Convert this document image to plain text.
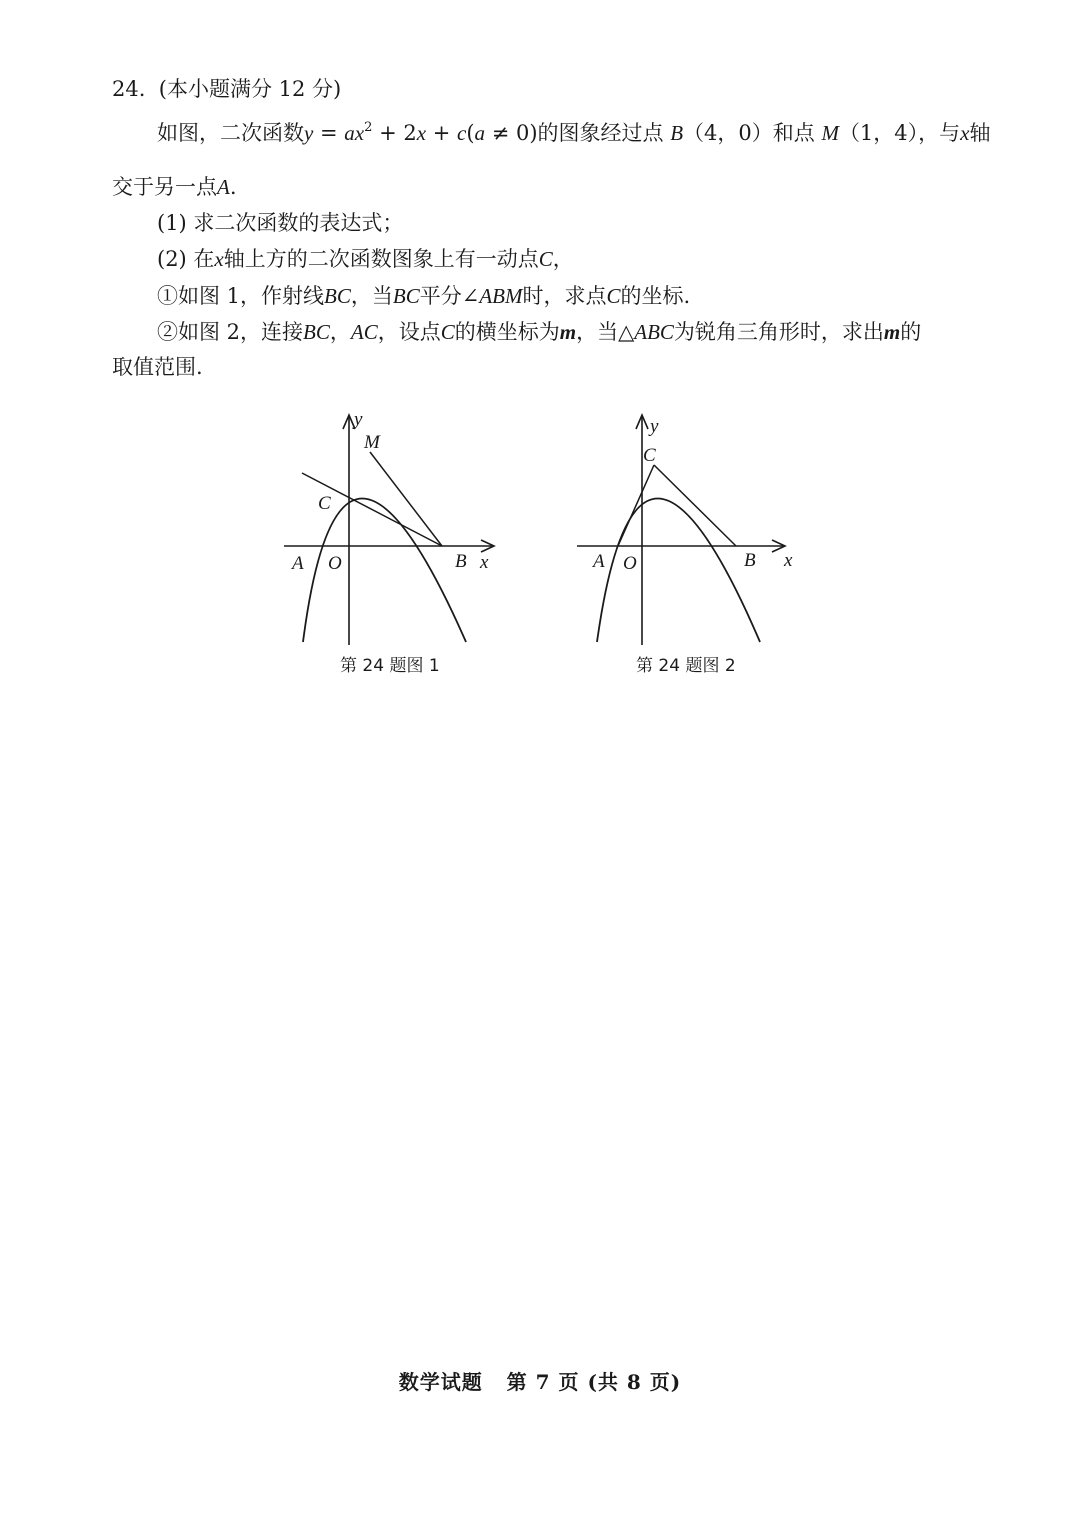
24. (本小题满分 12 分)
如图，二次函数$y = ax^2 + 2x + c(a \ne 0)$的图象经过点 B（4，0）和点 M（1，4），与x轴
交于另一点A.
(1) 求二次函数的表达式；
(2) 在x轴上方的二次函数图象上有一动点C，
①如图 1，作射线BC，当BC平分∠ABM时，求点C的坐标.
②如图 2，连接BC，AC，设点C的横坐标为m，当△ABC为锐角三角形时，求出m的
取值范围.
y
M
C
A O	B x
第 24 题图 1
y
C
A O	B x
第 24 题图 2
数学试题 第 7 页 (共 8 页)
